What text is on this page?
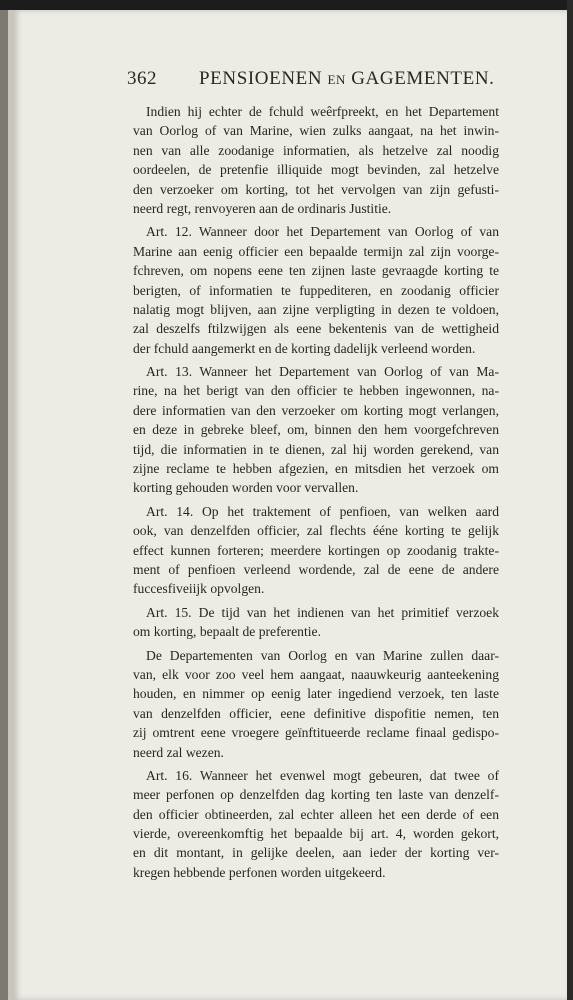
362 PENSIOENEN EN GAGEMENTEN.
Indien hij echter de fchuld weêrfpreekt, en het Departement
van Oorlog of van Marine, wien zulks aangaat, na het inwin-
nen van alle zoodanige informatien, als hetzelve zal noodig
oordeelen, de pretenfie illiquide mogt bevinden, zal hetzelve
den verzoeker om korting, tot het vervolgen van zijn gefusti-
neerd regt, renvoyeren aan de ordinaris Justitie.
Art. 12. Wanneer door het Departement van Oorlog of van
Marine aan eenig officier een bepaalde termijn zal zijn voorge-
fchreven, om nopens eene ten zijnen laste gevraagde korting te
berigten, of informatien te fuppediteren, en zoodanig officier
nalatig mogt blijven, aan zijne verpligting in dezen te voldoen,
zal deszelfs ftilzwijgen als eene bekentenis van de wettigheid
der fchuld aangemerkt en de korting dadelijk verleend worden.
Art. 13. Wanneer het Departement van Oorlog of van Ma-
rine, na het berigt van den officier te hebben ingewonnen, na-
dere informatien van den verzoeker om korting mogt verlangen,
en deze in gebreke bleef, om, binnen den hem voorgefchreven
tijd, die informatien in te dienen, zal hij worden gerekend, van
zijne reclame te hebben afgezien, en mitsdien het verzoek om
korting gehouden worden voor vervallen.
Art. 14. Op het traktement of penfioen, van welken aard
ook, van denzelfden officier, zal flechts ééne korting te gelijk
effect kunnen forteren; meerdere kortingen op zoodanig trakte-
ment of penfioen verleend wordende, zal de eene de andere
fuccesfiveiijk opvolgen.
Art. 15. De tijd van het indienen van het primitief verzoek
om korting, bepaalt de preferentie.
De Departementen van Oorlog en van Marine zullen daar-
van, elk voor zoo veel hem aangaat, naauwkeurig aanteekening
houden, en nimmer op eenig later ingediend verzoek, ten laste
van denzelfden officier, eene definitive dispofitie nemen, ten
zij omtrent eene vroegere geïnftitueerde reclame finaal gedispo-
neerd zal wezen.
Art. 16. Wanneer het evenwel mogt gebeuren, dat twee of
meer perfonen op denzelfden dag korting ten laste van denzelf-
den officier obtineerden, zal echter alleen het een derde of een
vierde, overeenkomftig het bepaalde bij art. 4, worden gekort,
en dit montant, in gelijke deelen, aan ieder der korting ver-
kregen hebbende perfonen worden uitgekeerd.
